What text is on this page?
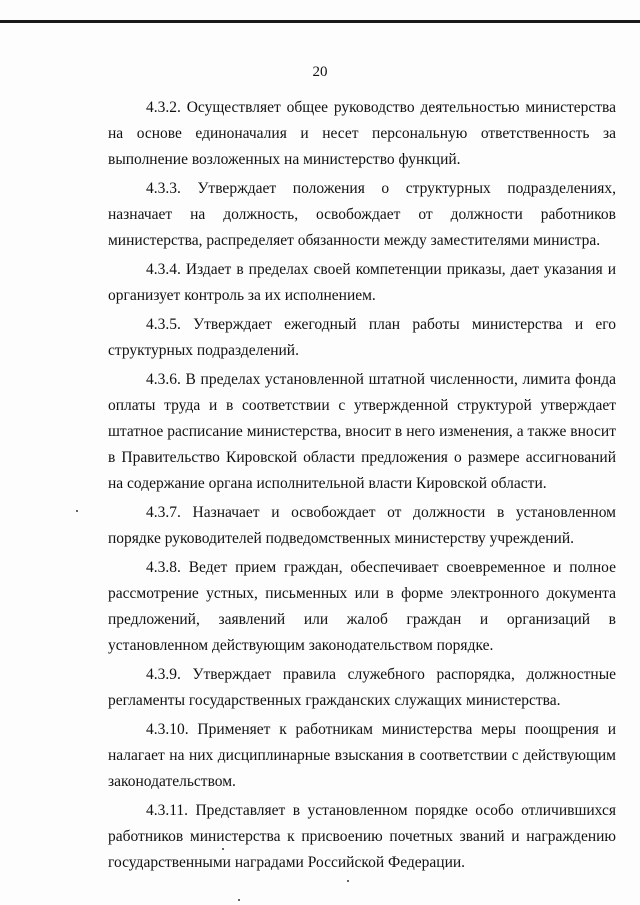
20

4.3.2. Осуществляет общее руководство деятельностью министерства на основе единоначалия и несет персональную ответственность за выполнение возложенных на министерство функций.

4.3.3. Утверждает положения о структурных подразделениях, назначает на должность, освобождает от должности работников министерства, распределяет обязанности между заместителями министра.

4.3.4. Издает в пределах своей компетенции приказы, дает указания и организует контроль за их исполнением.

4.3.5. Утверждает ежегодный план работы министерства и его структурных подразделений.

4.3.6. В пределах установленной штатной численности, лимита фонда оплаты труда и в соответствии с утвержденной структурой утверждает штатное расписание министерства, вносит в него изменения, а также вносит в Правительство Кировской области предложения о размере ассигнований на содержание органа исполнительной власти Кировской области.

4.3.7. Назначает и освобождает от должности в установленном порядке руководителей подведомственных министерству учреждений.

4.3.8. Ведет прием граждан, обеспечивает своевременное и полное рассмотрение устных, письменных или в форме электронного документа предложений, заявлений или жалоб граждан и организаций в установленном действующим законодательством порядке.

4.3.9. Утверждает правила служебного распорядка, должностные регламенты государственных гражданских служащих министерства.

4.3.10. Применяет к работникам министерства меры поощрения и налагает на них дисциплинарные взыскания в соответствии с действующим законодательством.

4.3.11. Представляет в установленном порядке особо отличившихся работников министерства к присвоению почетных званий и награждению государственными наградами Российской Федерации.
